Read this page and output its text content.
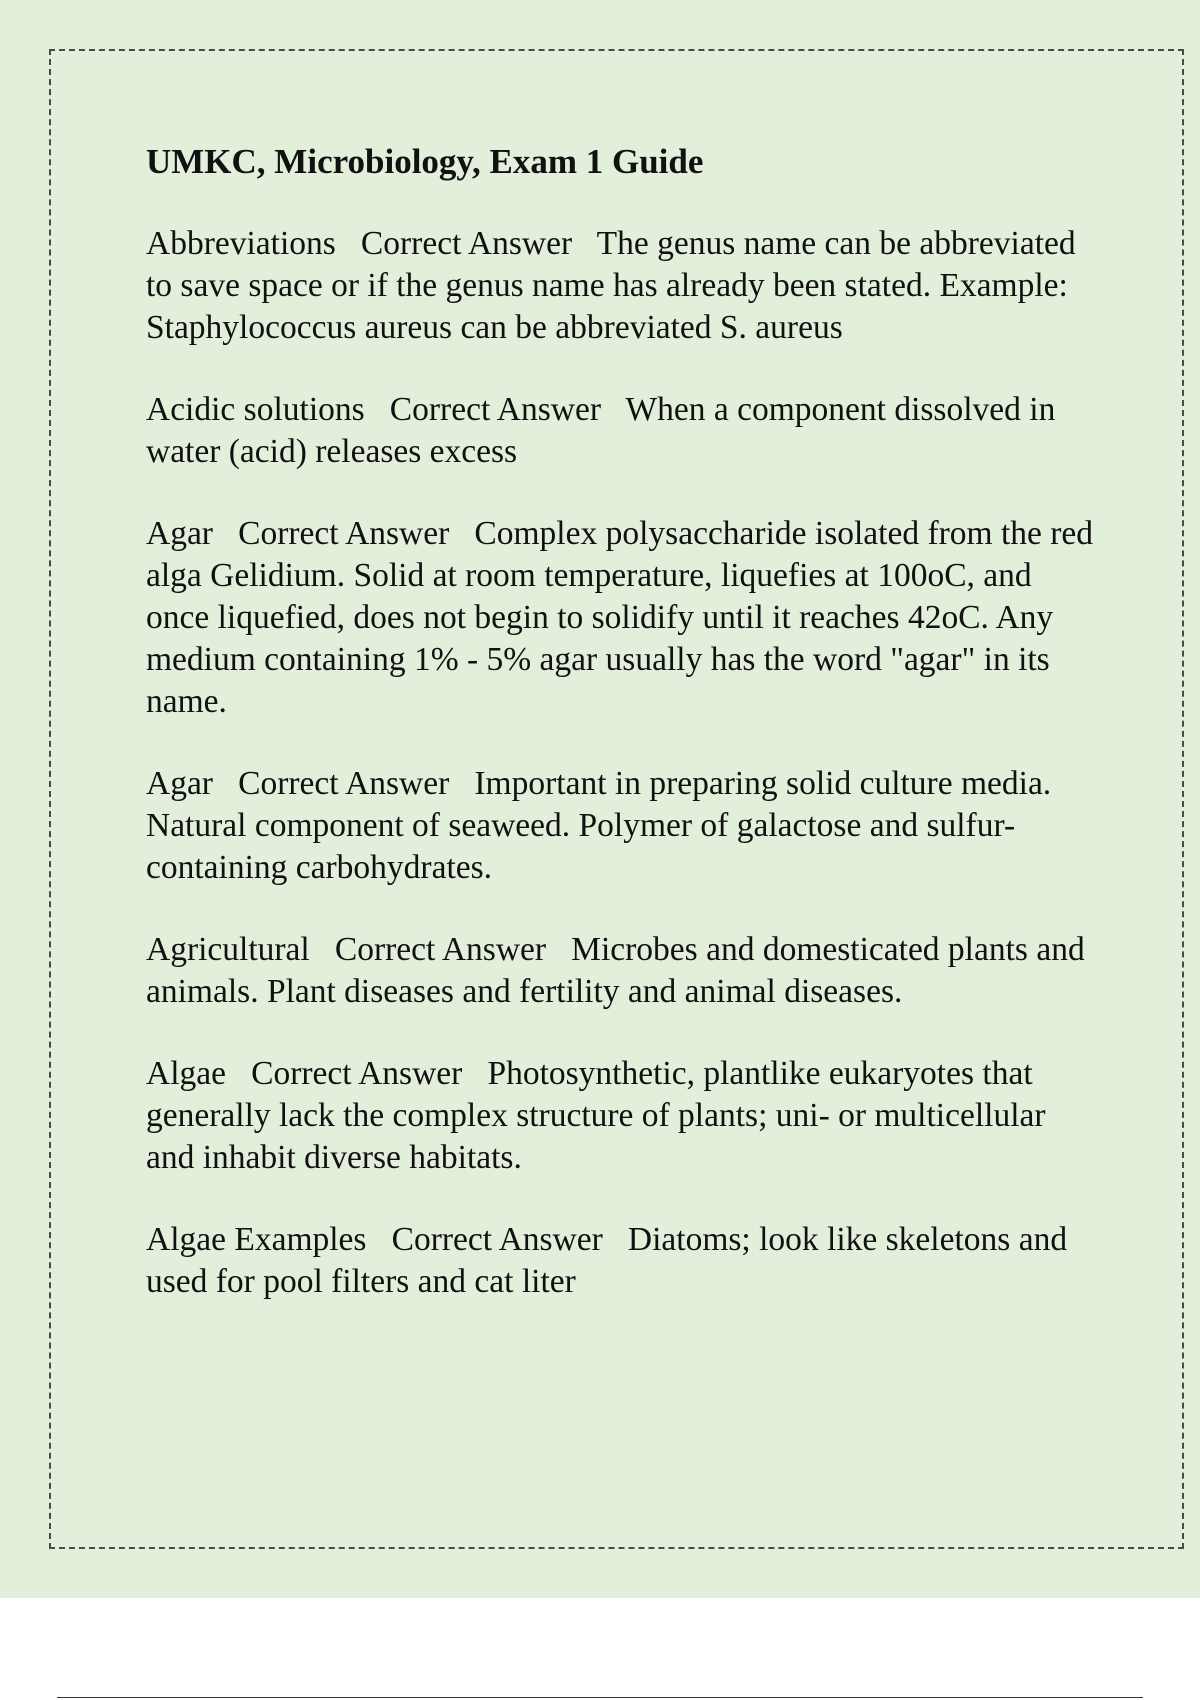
UMKC, Microbiology, Exam 1 Guide

Abbreviations   Correct Answer   The genus name can be abbreviated to save space or if the genus name has already been stated. Example: Staphylococcus aureus can be abbreviated S. aureus

Acidic solutions   Correct Answer   When a component dissolved in water (acid) releases excess

Agar   Correct Answer   Complex polysaccharide isolated from the red alga Gelidium. Solid at room temperature, liquefies at 100oC, and once liquefied, does not begin to solidify until it reaches 42oC. Any medium containing 1% - 5% agar usually has the word "agar" in its name.

Agar   Correct Answer   Important in preparing solid culture media. Natural component of seaweed. Polymer of galactose and sulfur-containing carbohydrates.

Agricultural   Correct Answer   Microbes and domesticated plants and animals. Plant diseases and fertility and animal diseases.

Algae   Correct Answer   Photosynthetic, plantlike eukaryotes that generally lack the complex structure of plants; uni- or multicellular and inhabit diverse habitats.

Algae Examples   Correct Answer   Diatoms; look like skeletons and used for pool filters and cat liter
